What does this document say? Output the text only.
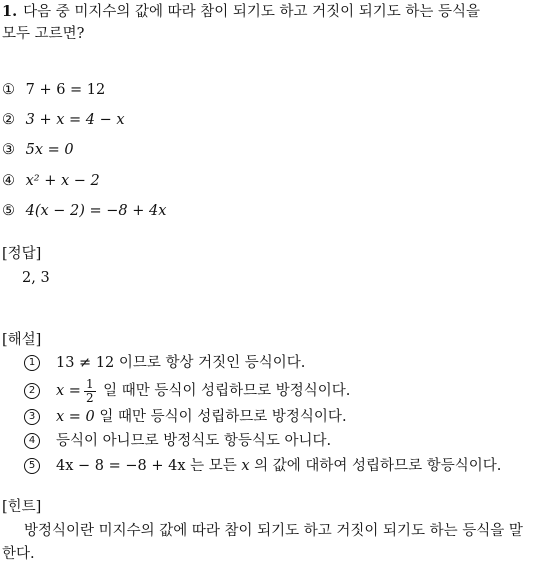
1. 다음 중 미지수의 값에 따라 참이 되기도 하고 거짓이 되기도 하는 등식을
모두 고르면?
① 7 + 6 = 12
② 3 + x = 4 − x
③ 5x = 0
④ x² + x − 2
⑤ 4(x − 2) = −8 + 4x
[정답]
2, 3
[해설]
1 13 ≠ 12 이므로 항상 거짓인 등식이다.
2 $x = \frac{1}{2}$ 일 때만 등식이 성립하므로 방정식이다.
3 x = 0 일 때만 등식이 성립하므로 방정식이다.
4 등식이 아니므로 방정식도 항등식도 아니다.
5 4x − 8 = −8 + 4x 는 모든 x 의 값에 대하여 성립하므로 항등식이다.
[힌트]
방정식이란 미지수의 값에 따라 참이 되기도 하고 거짓이 되기도 하는 등식을 말한다.
